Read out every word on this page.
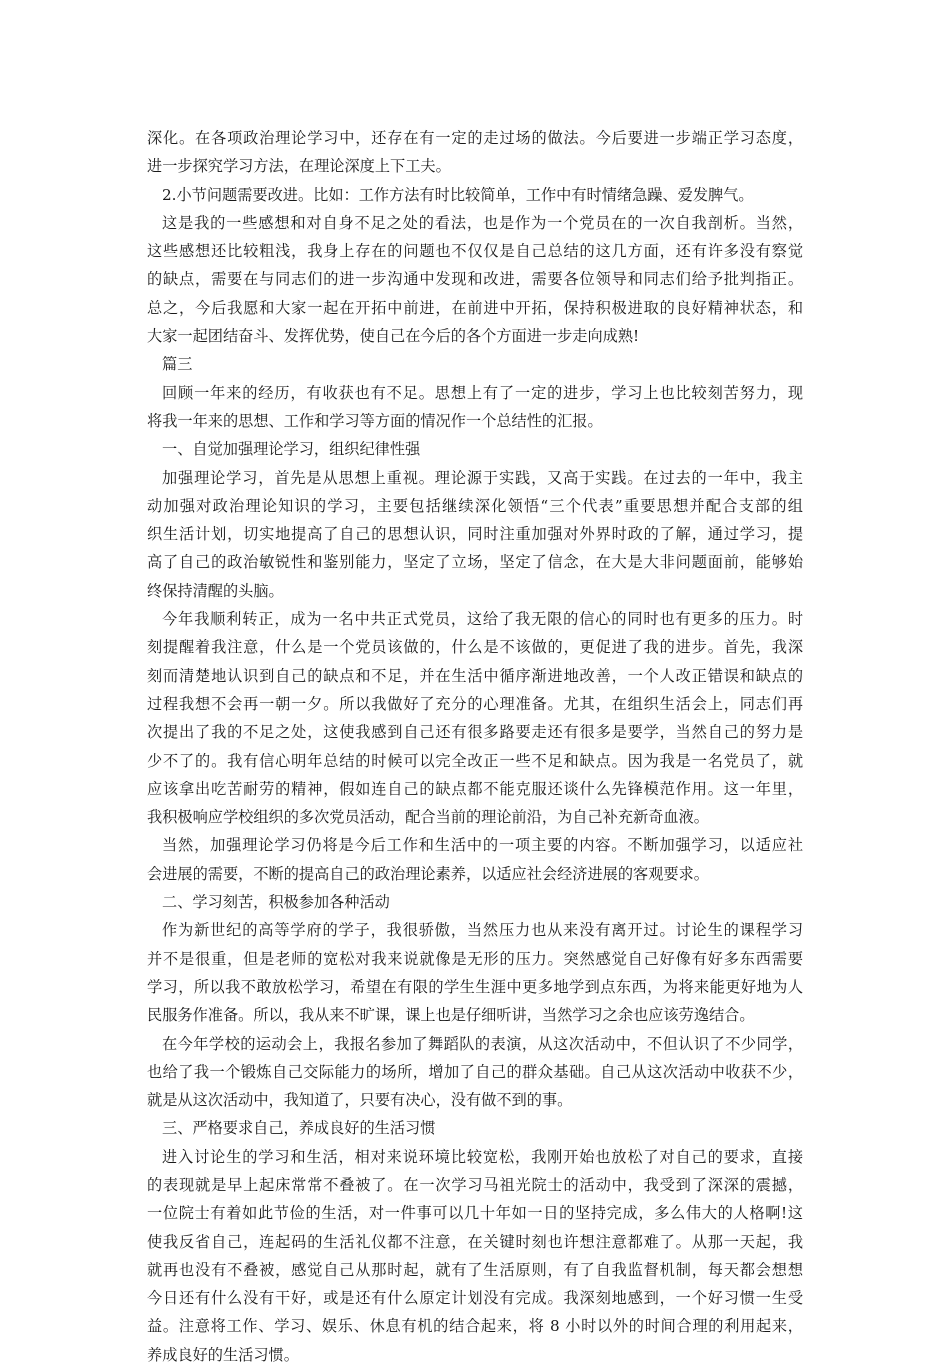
深化。在各项政治理论学习中，还存在有一定的走过场的做法。今后要进一步端正学习态度，
进一步探究学习方法，在理论深度上下工夫。
2.小节问题需要改进。比如：工作方法有时比较简单，工作中有时情绪急躁、爱发脾气。
这是我的一些感想和对自身不足之处的看法，也是作为一个党员在的一次自我剖析。当然，
这些感想还比较粗浅，我身上存在的问题也不仅仅是自己总结的这几方面，还有许多没有察觉
的缺点，需要在与同志们的进一步沟通中发现和改进，需要各位领导和同志们给予批判指正。
总之，今后我愿和大家一起在开拓中前进，在前进中开拓，保持积极进取的良好精神状态，和
大家一起团结奋斗、发挥优势，使自己在今后的各个方面进一步走向成熟!
篇三
回顾一年来的经历，有收获也有不足。思想上有了一定的进步，学习上也比较刻苦努力，现
将我一年来的思想、工作和学习等方面的情况作一个总结性的汇报。
一、自觉加强理论学习，组织纪律性强
加强理论学习，首先是从思想上重视。理论源于实践，又高于实践。在过去的一年中，我主
动加强对政治理论知识的学习，主要包括继续深化领悟“三个代表”重要思想并配合支部的组
织生活计划，切实地提高了自己的思想认识，同时注重加强对外界时政的了解，通过学习，提
高了自己的政治敏锐性和鉴别能力，坚定了立场，坚定了信念，在大是大非问题面前，能够始
终保持清醒的头脑。
今年我顺利转正，成为一名中共正式党员，这给了我无限的信心的同时也有更多的压力。时
刻提醒着我注意，什么是一个党员该做的，什么是不该做的，更促进了我的进步。首先，我深
刻而清楚地认识到自己的缺点和不足，并在生活中循序渐进地改善，一个人改正错误和缺点的
过程我想不会再一朝一夕。所以我做好了充分的心理准备。尤其，在组织生活会上，同志们再
次提出了我的不足之处，这使我感到自己还有很多路要走还有很多是要学，当然自己的努力是
少不了的。我有信心明年总结的时候可以完全改正一些不足和缺点。因为我是一名党员了，就
应该拿出吃苦耐劳的精神，假如连自己的缺点都不能克服还谈什么先锋模范作用。这一年里，
我积极响应学校组织的多次党员活动，配合当前的理论前沿，为自己补充新奇血液。
当然，加强理论学习仍将是今后工作和生活中的一项主要的内容。不断加强学习，以适应社
会进展的需要，不断的提高自己的政治理论素养，以适应社会经济进展的客观要求。
二、学习刻苦，积极参加各种活动
作为新世纪的高等学府的学子，我很骄傲，当然压力也从来没有离开过。讨论生的课程学习
并不是很重，但是老师的宽松对我来说就像是无形的压力。突然感觉自己好像有好多东西需要
学习，所以我不敢放松学习，希望在有限的学生生涯中更多地学到点东西，为将来能更好地为人
民服务作准备。所以，我从来不旷课，课上也是仔细听讲，当然学习之余也应该劳逸结合。
在今年学校的运动会上，我报名参加了舞蹈队的表演，从这次活动中，不但认识了不少同学，
也给了我一个锻炼自己交际能力的场所，增加了自己的群众基础。自己从这次活动中收获不少，
就是从这次活动中，我知道了，只要有决心，没有做不到的事。
三、严格要求自己，养成良好的生活习惯
进入讨论生的学习和生活，相对来说环境比较宽松，我刚开始也放松了对自己的要求，直接
的表现就是早上起床常常不叠被了。在一次学习马祖光院士的活动中，我受到了深深的震撼，
一位院士有着如此节俭的生活，对一件事可以几十年如一日的坚持完成，多么伟大的人格啊!这
使我反省自己，连起码的生活礼仪都不注意，在关键时刻也许想注意都难了。从那一天起，我
就再也没有不叠被，感觉自己从那时起，就有了生活原则，有了自我监督机制，每天都会想想
今日还有什么没有干好，或是还有什么原定计划没有完成。我深刻地感到，一个好习惯一生受
益。注意将工作、学习、娱乐、休息有机的结合起来，将 8 小时以外的时间合理的利用起来，
养成良好的生活习惯。
